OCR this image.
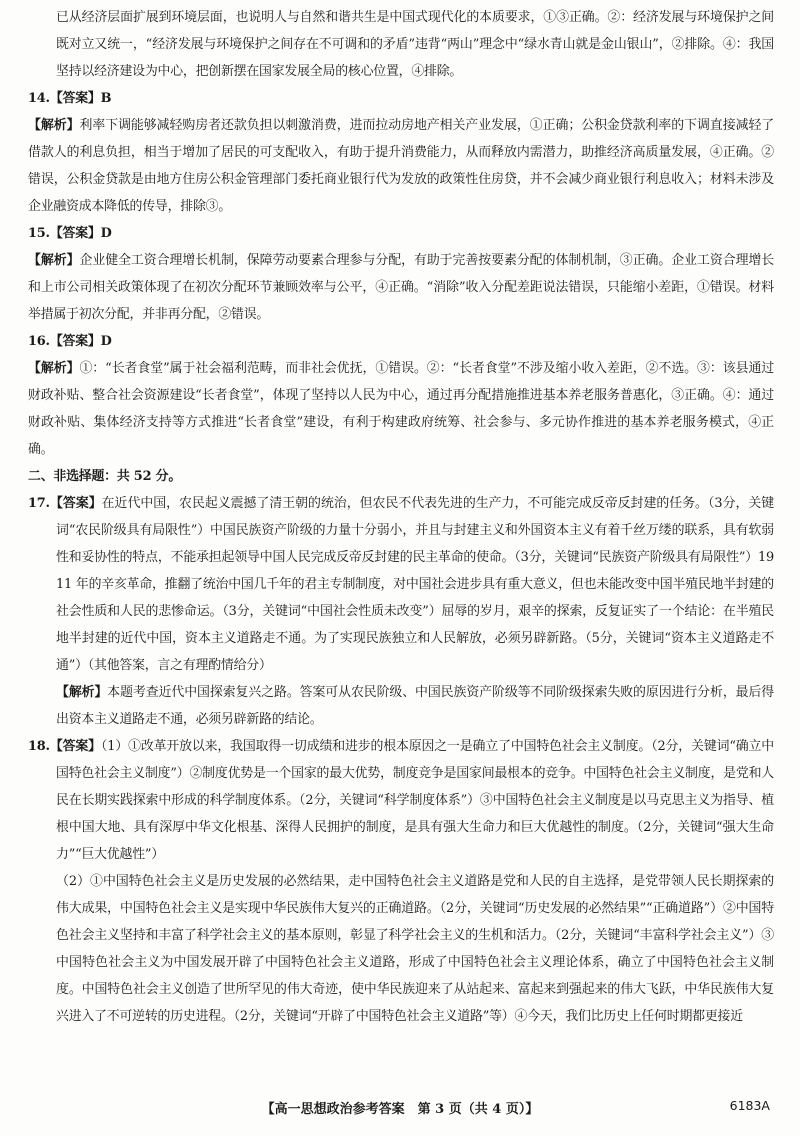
已从经济层面扩展到环境层面，也说明人与自然和谐共生是中国式现代化的本质要求，①③正确。②：经济发展与环境保护之间既对立又统一，“经济发展与环境保护之间存在不可调和的矛盾”违背“两山”理念中“绿水青山就是金山银山”，②排除。④：我国坚持以经济建设为中心，把创新摆在国家发展全局的核心位置，④排除。

14.【答案】B

【解析】利率下调能够减轻购房者还款负担以刺激消费，进而拉动房地产相关产业发展，①正确；公积金贷款利率的下调直接减轻了借款人的利息负担，相当于增加了居民的可支配收入，有助于提升消费能力，从而释放内需潜力，助推经济高质量发展，④正确。②错误，公积金贷款是由地方住房公积金管理部门委托商业银行代为发放的政策性住房贷，并不会减少商业银行利息收入；材料未涉及企业融资成本降低的传导，排除③。

15.【答案】D

【解析】企业健全工资合理增长机制，保障劳动要素合理参与分配，有助于完善按要素分配的体制机制，③正确。企业工资合理增长和上市公司相关政策体现了在初次分配环节兼顾效率与公平，④正确。“消除”收入分配差距说法错误，只能缩小差距，①错误。材料举措属于初次分配，并非再分配，②错误。

16.【答案】D

【解析】①：“长者食堂”属于社会福利范畴，而非社会优抚，①错误。②：“长者食堂”不涉及缩小收入差距，②不选。③：该县通过财政补贴、整合社会资源建设“长者食堂”，体现了坚持以人民为中心，通过再分配措施推进基本养老服务普惠化，③正确。④：通过财政补贴、集体经济支持等方式推进“长者食堂”建设，有利于构建政府统筹、社会参与、多元协作推进的基本养老服务模式，④正确。

二、非选择题：共 52 分。

17.【答案】在近代中国，农民起义震撼了清王朝的统治，但农民不代表先进的生产力，不可能完成反帝反封建的任务。（3分，关键词“农民阶级具有局限性”）中国民族资产阶级的力量十分弱小，并且与封建主义和外国资本主义有着千丝万缕的联系，具有软弱性和妥协性的特点，不能承担起领导中国人民完成反帝反封建的民主革命的使命。（3分，关键词“民族资产阶级具有局限性”）1911 年的辛亥革命，推翻了统治中国几千年的君主专制制度，对中国社会进步具有重大意义，但也未能改变中国半殖民地半封建的社会性质和人民的悲惨命运。（3分，关键词“中国社会性质未改变”）屈辱的岁月，艰辛的探索，反复证实了一个结论：在半殖民地半封建的近代中国，资本主义道路走不通。为了实现民族独立和人民解放，必须另辟新路。（5分，关键词“资本主义道路走不通”）（其他答案，言之有理酌情给分）

【解析】本题考查近代中国探索复兴之路。答案可从农民阶级、中国民族资产阶级等不同阶级探索失败的原因进行分析，最后得出资本主义道路走不通，必须另辟新路的结论。

18.【答案】（1）①改革开放以来，我国取得一切成绩和进步的根本原因之一是确立了中国特色社会主义制度。（2分，关键词“确立中国特色社会主义制度”）②制度优势是一个国家的最大优势，制度竞争是国家间最根本的竞争。中国特色社会主义制度，是党和人民在长期实践探索中形成的科学制度体系。（2分，关键词“科学制度体系”）③中国特色社会主义制度是以马克思主义为指导、植根中国大地、具有深厚中华文化根基、深得人民拥护的制度，是具有强大生命力和巨大优越性的制度。（2分，关键词“强大生命力”“巨大优越性”）

（2）①中国特色社会主义是历史发展的必然结果，走中国特色社会主义道路是党和人民的自主选择，是党带领人民长期探索的伟大成果，中国特色社会主义是实现中华民族伟大复兴的正确道路。（2分，关键词“历史发展的必然结果”“正确道路”）②中国特色社会主义坚持和丰富了科学社会主义的基本原则，彰显了科学社会主义的生机和活力。（2分，关键词“丰富科学社会主义”）③中国特色社会主义为中国发展开辟了中国特色社会主义道路，形成了中国特色社会主义理论体系，确立了中国特色社会主义制度。中国特色社会主义创造了世所罕见的伟大奇迹，使中华民族迎来了从站起来、富起来到强起来的伟大飞跃，中华民族伟大复兴进入了不可逆转的历史进程。（2分，关键词“开辟了中国特色社会主义道路”等）④今天，我们比历史上任何时期都更接近

【高一思想政治参考答案　第 3 页（共 4 页）】	6183A
